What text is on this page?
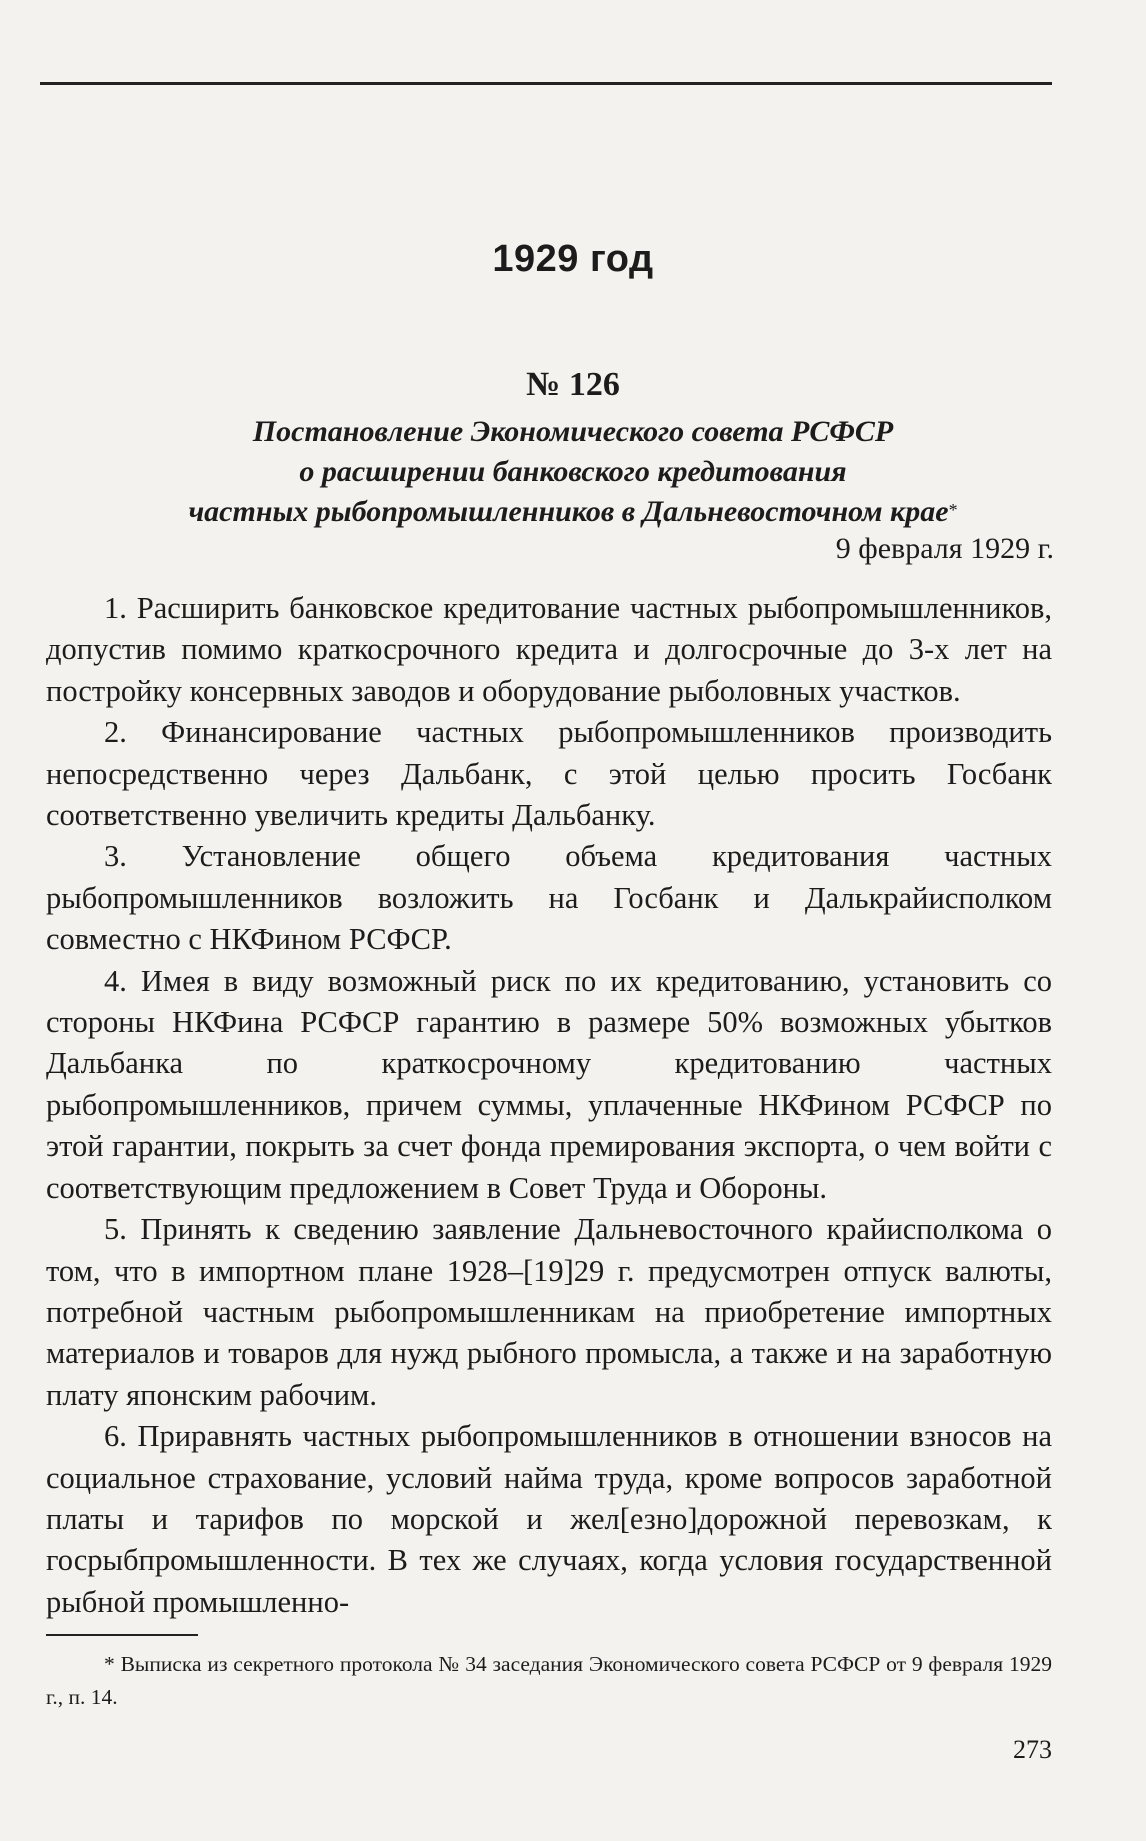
1929 год
№ 126
Постановление Экономического совета РСФСР
о расширении банковского кредитования
частных рыбопромышленников в Дальневосточном крае*
9 февраля 1929 г.

1. Расширить банковское кредитование частных рыбопромышленников, допустив помимо краткосрочного кредита и долгосрочные до 3-х лет на постройку консервных заводов и оборудование рыболовных участков.

2. Финансирование частных рыбопромышленников производить непосредственно через Дальбанк, с этой целью просить Госбанк соответственно увеличить кредиты Дальбанку.

3. Установление общего объема кредитования частных рыбопромышленников возложить на Госбанк и Далькрайисполком совместно с НКФином РСФСР.

4. Имея в виду возможный риск по их кредитованию, установить со стороны НКФина РСФСР гарантию в размере 50% возможных убытков Дальбанка по краткосрочному кредитованию частных рыбопромышленников, причем суммы, уплаченные НКФином РСФСР по этой гарантии, покрыть за счет фонда премирования экспорта, о чем войти с соответствующим предложением в Совет Труда и Обороны.

5. Принять к сведению заявление Дальневосточного крайисполкома о том, что в импортном плане 1928–[19]29 г. предусмотрен отпуск валюты, потребной частным рыбопромышленникам на приобретение импортных материалов и товаров для нужд рыбного промысла, а также и на заработную плату японским рабочим.

6. Приравнять частных рыбопромышленников в отношении взносов на социальное страхование, условий найма труда, кроме вопросов заработной платы и тарифов по морской и жел[езно]дорожной перевозкам, к госрыбпромышленности. В тех же случаях, когда условия государственной рыбной промышленно-

* Выписка из секретного протокола № 34 заседания Экономического совета РСФСР от 9 февраля 1929 г., п. 14.

273
